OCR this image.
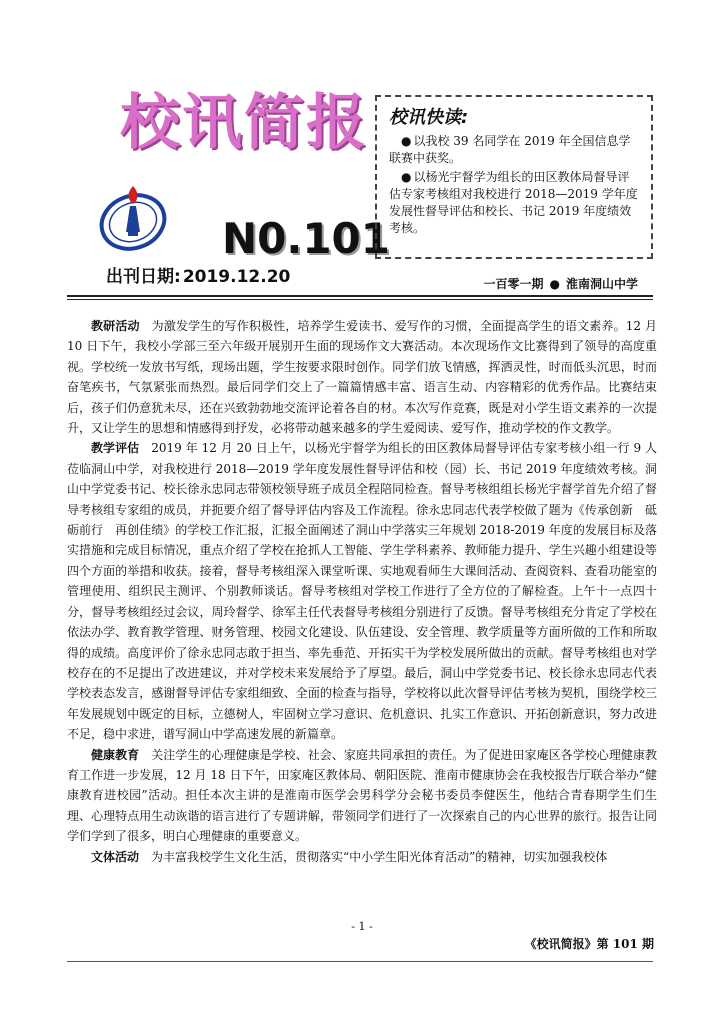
校讯简报
N0.101
出刊日期: 2019.12.20
校讯快读:

● 以我校 39 名同学在 2019 年全国信息学联赛中获奖。

● 以杨光宇督学为组长的田区教体局督导评估专家考核组对我校进行 2018—2019 学年度发展性督导评估和校长、书记 2019 年度绩效考核。

一百零一期 ● 淮南洞山中学

教研活动 为激发学生的写作积极性，培养学生爱读书、爱写作的习惯，全面提高学生的语文素养。12 月 10 日下午，我校小学部三至六年级开展别开生面的现场作文大赛活动。本次现场作文比赛得到了领导的高度重视。学校统一发放书写纸，现场出题，学生按要求限时创作。同学们放飞情感，挥洒灵性，时而低头沉思，时而奋笔疾书，气氛紧张而热烈。最后同学们交上了一篇篇情感丰富、语言生动、内容精彩的优秀作品。比赛结束后，孩子们仍意犹未尽，还在兴致勃勃地交流评论着各自的材。本次写作竞赛，既是对小学生语文素养的一次提升，又让学生的思想和情感得到抒发，必将带动越来越多的学生爱阅读、爱写作，推动学校的作文教学。

教学评估 2019 年 12 月 20 日上午，以杨光宇督学为组长的田区教体局督导评估专家考核小组一行 9 人莅临洞山中学，对我校进行 2018—2019 学年度发展性督导评估和校（园）长、书记 2019 年度绩效考核。洞山中学党委书记、校长徐永忠同志带领校领导班子成员全程陪同检查。督导考核组组长杨光宇督学首先介绍了督导考核组专家组的成员，并扼要介绍了督导评估内容及工作流程。徐永忠同志代表学校做了题为《传承创新　砥砺前行　再创佳绩》的学校工作汇报，汇报全面阐述了洞山中学落实三年规划 2018-2019 年度的发展目标及落实措施和完成目标情况，重点介绍了学校在抢抓人工智能、学生学科素养、教师能力提升、学生兴趣小组建设等四个方面的举措和收获。接着，督导考核组深入课堂听课、实地观看师生大课间活动、查阅资料、查看功能室的管理使用、组织民主测评、个别教师谈话。督导考核组对学校工作进行了全方位的了解检查。上午十一点四十分，督导考核组经过会议，周玲督学、徐军主任代表督导考核组分别进行了反馈。督导考核组充分肯定了学校在依法办学、教育教学管理、财务管理、校园文化建设、队伍建设、安全管理、教学质量等方面所做的工作和所取得的成绩。高度评价了徐永忠同志敢于担当、率先垂范、开拓实干为学校发展所做出的贡献。督导考核组也对学校存在的不足提出了改进建议，并对学校未来发展给予了厚望。最后，洞山中学党委书记、校长徐永忠同志代表学校表态发言，感谢督导评估专家组细致、全面的检查与指导，学校将以此次督导评估考核为契机，围绕学校三年发展规划中既定的目标，立德树人，牢固树立学习意识、危机意识、扎实工作意识、开拓创新意识，努力改进不足，稳中求进，谱写洞山中学高速发展的新篇章。

健康教育 关注学生的心理健康是学校、社会、家庭共同承担的责任。为了促进田家庵区各学校心理健康教育工作进一步发展，12 月 18 日下午，田家庵区教体局、朝阳医院、淮南市健康协会在我校报告厅联合举办“健康教育进校园”活动。担任本次主讲的是淮南市医学会男科学分会秘书委员李健医生，他结合青春期学生们生理、心理特点用生动诙谐的语言进行了专题讲解，带领同学们进行了一次探索自己的内心世界的旅行。报告让同学们学到了很多，明白心理健康的重要意义。

文体活动 为丰富我校学生文化生活，贯彻落实“中小学生阳光体育活动”的精神，切实加强我校体

- 1 -
《校讯简报》第 101 期
